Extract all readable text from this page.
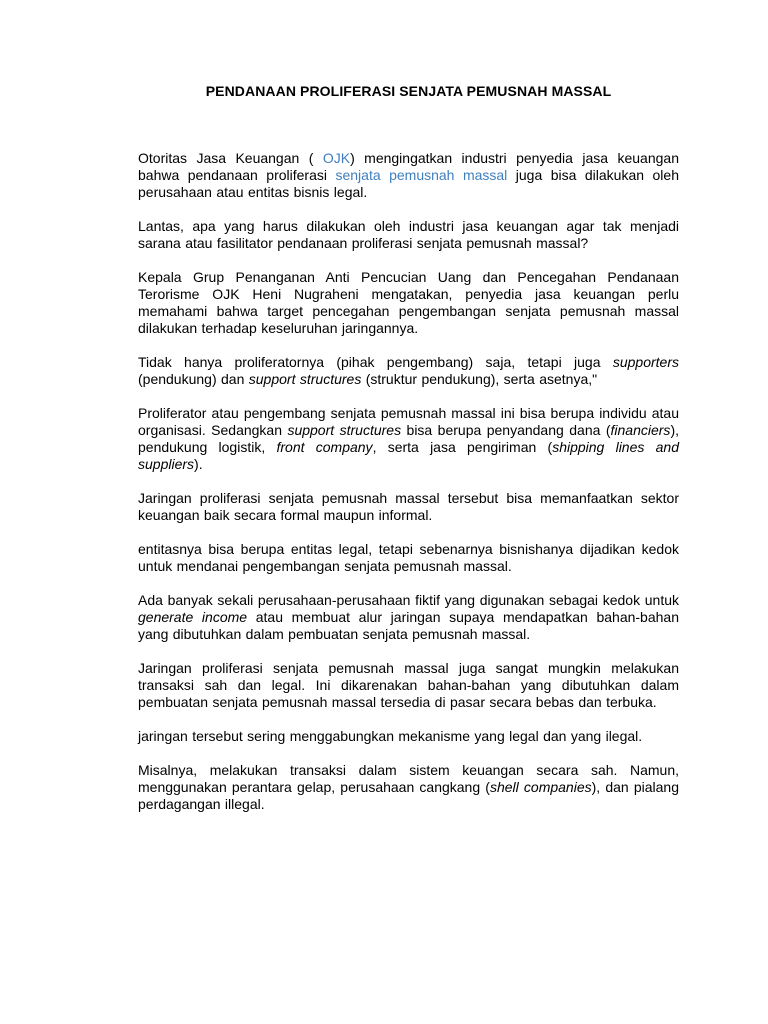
PENDANAAN PROLIFERASI SENJATA PEMUSNAH MASSAL

Otoritas Jasa Keuangan ( OJK) mengingatkan industri penyedia jasa keuangan bahwa pendanaan proliferasi senjata pemusnah massal juga bisa dilakukan oleh perusahaan atau entitas bisnis legal.

Lantas, apa yang harus dilakukan oleh industri jasa keuangan agar tak menjadi sarana atau fasilitator pendanaan proliferasi senjata pemusnah massal?

Kepala Grup Penanganan Anti Pencucian Uang dan Pencegahan Pendanaan Terorisme OJK Heni Nugraheni mengatakan, penyedia jasa keuangan perlu memahami bahwa target pencegahan pengembangan senjata pemusnah massal dilakukan terhadap keseluruhan jaringannya.

Tidak hanya proliferatornya (pihak pengembang) saja, tetapi juga supporters (pendukung) dan support structures (struktur pendukung), serta asetnya,"

Proliferator atau pengembang senjata pemusnah massal ini bisa berupa individu atau organisasi. Sedangkan support structures bisa berupa penyandang dana (financiers), pendukung logistik, front company, serta jasa pengiriman (shipping lines and suppliers).

Jaringan proliferasi senjata pemusnah massal tersebut bisa memanfaatkan sektor keuangan baik secara formal maupun informal.

entitasnya bisa berupa entitas legal, tetapi sebenarnya bisnishanya dijadikan kedok untuk mendanai pengembangan senjata pemusnah massal.

Ada banyak sekali perusahaan-perusahaan fiktif yang digunakan sebagai kedok untuk generate income atau membuat alur jaringan supaya mendapatkan bahan-bahan yang dibutuhkan dalam pembuatan senjata pemusnah massal.

Jaringan proliferasi senjata pemusnah massal juga sangat mungkin melakukan transaksi sah dan legal. Ini dikarenakan bahan-bahan yang dibutuhkan dalam pembuatan senjata pemusnah massal tersedia di pasar secara bebas dan terbuka.

jaringan tersebut sering menggabungkan mekanisme yang legal dan yang ilegal.

Misalnya, melakukan transaksi dalam sistem keuangan secara sah. Namun, menggunakan perantara gelap, perusahaan cangkang (shell companies), dan pialang perdagangan illegal.
